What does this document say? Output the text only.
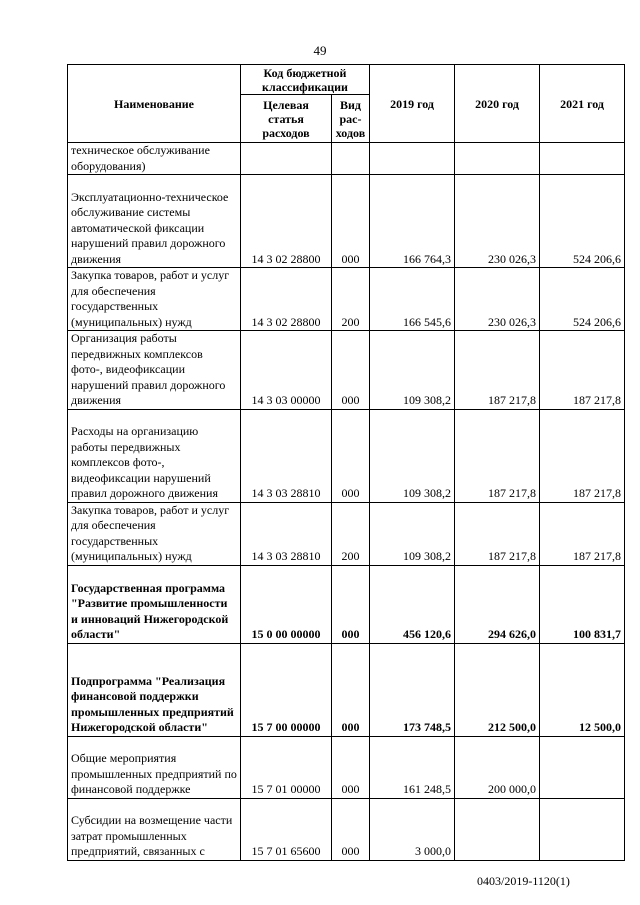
49
Наименование	Код бюджетной классификации		2019 год	2020 год	2021 год
	Целевая статья расходов	Вид рас-ходов			
техническое обслуживание оборудования)					
Эксплуатационно-техническое обслуживание системы автоматической фиксации нарушений правил дорожного движения	14 3 02 28800	000	166 764,3	230 026,3	524 206,6
Закупка товаров, работ и услуг для обеспечения государственных (муниципальных) нужд	14 3 02 28800	200	166 545,6	230 026,3	524 206,6
Организация работы передвижных комплексов фото-, видеофиксации нарушений правил дорожного движения	14 3 03 00000	000	109 308,2	187 217,8	187 217,8
Расходы на организацию работы передвижных комплексов фото-, видеофиксации нарушений правил дорожного движения	14 3 03 28810	000	109 308,2	187 217,8	187 217,8
Закупка товаров, работ и услуг для обеспечения государственных (муниципальных) нужд	14 3 03 28810	200	109 308,2	187 217,8	187 217,8
Государственная программа "Развитие промышленности и инноваций Нижегородской области"	15 0 00 00000	000	456 120,6	294 626,0	100 831,7
Подпрограмма "Реализация финансовой поддержки промышленных предприятий Нижегородской области"	15 7 00 00000	000	173 748,5	212 500,0	12 500,0
Общие мероприятия промышленных предприятий по финансовой поддержке	15 7 01 00000	000	161 248,5	200 000,0	
Субсидии на возмещение части затрат промышленных предприятий, связанных с	15 7 01 65600	000	3 000,0		
0403/2019-1120(1)
